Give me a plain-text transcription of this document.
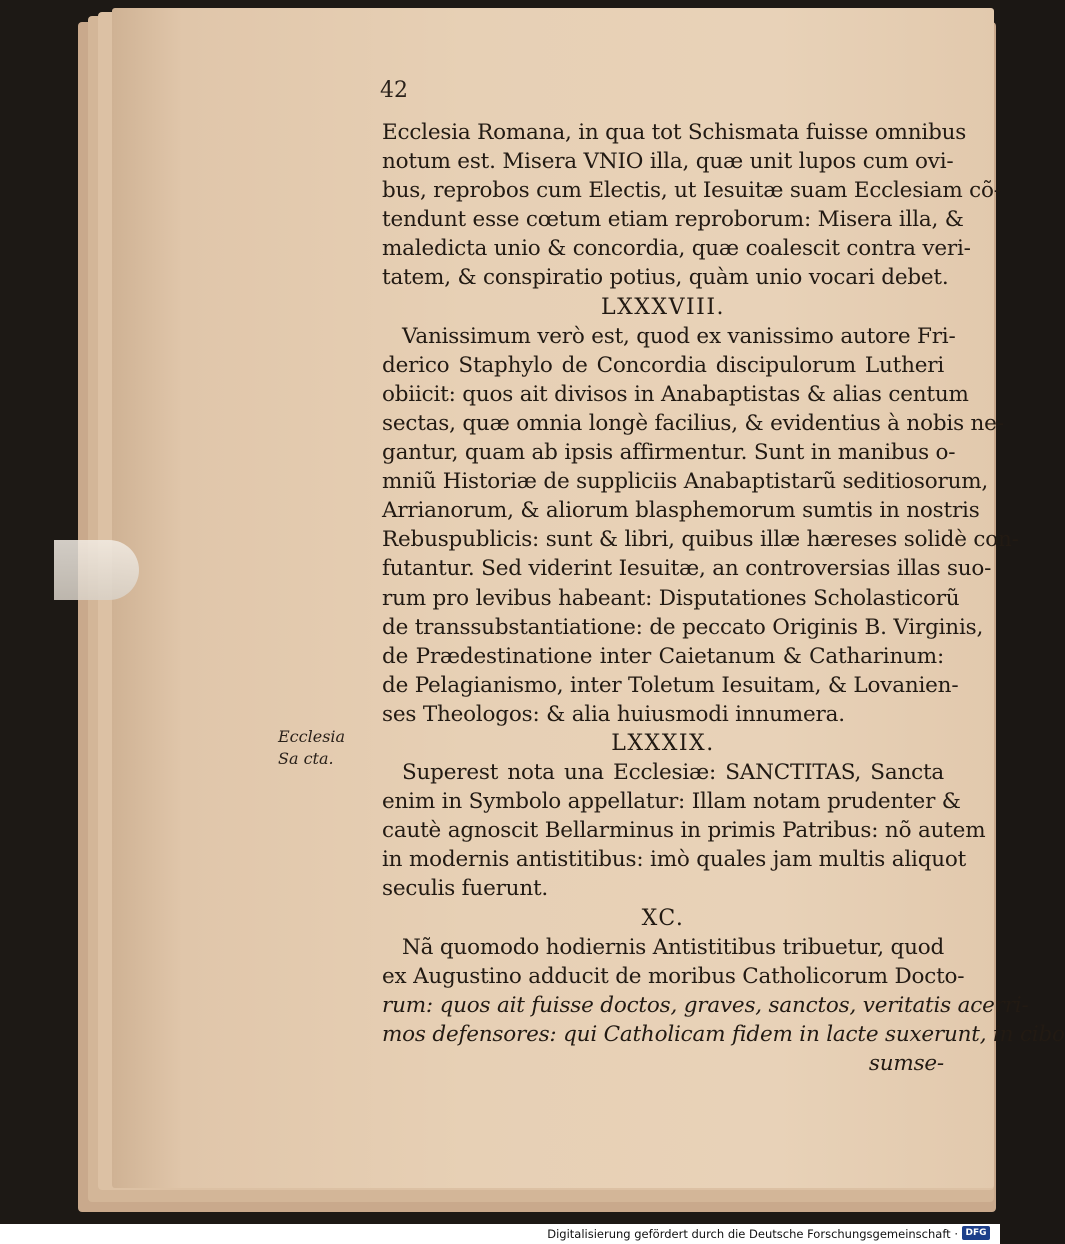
42
Ecclesia
Sa cta.
Ecclesia Romana, in qua tot Schismata fuisse omnibus
notum est. Misera VNIO illa, quæ unit lupos cum ovi-
bus, reprobos cum Electis, ut Iesuitæ suam Ecclesiam cõ-
tendunt esse cœtum etiam reproborum: Misera illa, &
maledicta unio & concordia, quæ coalescit contra veri-
tatem, & conspiratio potius, quàm unio vocari debet.
LXXXVIII.
Vanissimum verò est, quod ex vanissimo autore Fri-
derico Staphylo de Concordia discipulorum Lutheri
obiicit: quos ait divisos in Anabaptistas & alias centum
sectas, quæ omnia longè facilius, & evidentius à nobis ne-
gantur, quam ab ipsis affirmentur. Sunt in manibus o-
mniũ Historiæ de suppliciis Anabaptistarũ seditiosorum,
Arrianorum, & aliorum blasphemorum sumtis in nostris
Rebuspublicis: sunt & libri, quibus illæ hæreses solidè con-
futantur. Sed viderint Iesuitæ, an controversias illas suo-
rum pro levibus habeant: Disputationes Scholasticorũ
de transsubstantiatione: de peccato Originis B. Virginis,
de Prædestinatione inter Caietanum & Catharinum:
de Pelagianismo, inter Toletum Iesuitam, & Lovanien-
ses Theologos: & alia huiusmodi innumera.
LXXXIX.
Superest nota una Ecclesiæ: SANCTITAS, Sancta
enim in Symbolo appellatur: Illam notam prudenter &
cautè agnoscit Bellarminus in primis Patribus: nõ autem
in modernis antistitibus: imò quales jam multis aliquot
seculis fuerunt.
XC.
Nã quomodo hodiernis Antistitibus tribuetur, quod
ex Augustino adducit de moribus Catholicorum Docto-
rum: quos ait fuisse doctos, graves, sanctos, veritatis acerri-
mos defensores: qui Catholicam fidem in lacte suxerunt, in cibo
sumse-
Digitalisierung gefördert durch die Deutsche Forschungsgemeinschaft · DFG
